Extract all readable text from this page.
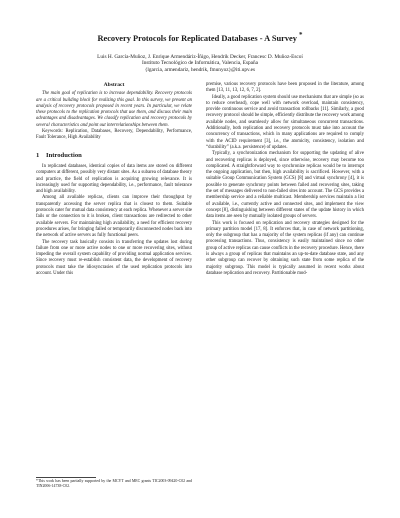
Recovery Protocols for Replicated Databases - A Survey *
Luis H. García-Muñoz, J. Enrique Armendáriz-Íñigo, Hendrik Decker, Francesc D. Muñoz-Escoí
Instituto Tecnológico de Informática, Valencia, España
{lgarcia, armendariz, hendrik, fmunyoz}@iti.upv.es
Abstract

The main goal of replication is to increase dependability. Recovery protocols are a critical building block for realizing this goal. In this survey, we present an analysis of recovery protocols proposed in recent years. In particular, we relate these protocols to the replication protocols that use them, and discuss their main advantages and disadvantages. We classify replication and recovery protocols by several characteristics and point out interrelationships between them.

Keywords: Replication, Databases, Recovery, Dependability, Performance, Fault Tolerance, High Availability

1 Introduction

In replicated databases, identical copies of data items are stored on different computers at different, possibly very distant sites. As a subarea of database theory and practice, the field of replication is acquiring growing relevance. It is increasingly used for supporting dependability, i.e., performance, fault tolerance and high availability.

Among all available replicas, clients can improve their throughput by transparently accessing the server replica that is closest to them. Suitable protocols cater for mutual data consistency at each replica. Whenever a server site fails or the connection to it is broken, client transactions are redirected to other available servers. For maintaining high availability, a need for efficient recovery procedures arises, for bringing failed or temporarily disconnected nodes back into the network of active servers as fully functional peers.

The recovery task basically consists in transferring the updates lost during failure from one or more active nodes to one or more recovering sites, without impeding the overall system capability of providing normal application services. Since recovery must re-establish consistent data, the development of recovery protocols must take the idiosyncrasies of the used replication protocols into account. Under this

*This work has been partially supported by the MCYT and MEC grants TIC2003-09420-C02 and TIN2006-14738-C02.

premise, various recovery protocols have been proposed in the literature, among them [13, 11, 13, 12, 6, 7, 2].

Ideally, a good replication system should use mechanisms that are simple (so as to reduce overhead), cope well with network overload, maintain consistency, provide continuous service and avoid transaction rollbacks [11]. Similarly, a good recovery protocol should be simple, efficiently distribute the recovery work among available nodes, and seamlessly allow for simultaneous concurrent transactions. Additionally, both replication and recovery protocols must take into account the concurrency of transactions, which in many applications are required to comply with the ACID requirement [3], i.e., the atomicity, consistency, isolation and “durability” (a.k.a. persistence) of updates.

Typically, a synchronization mechanism for supporting the updating of alive and recovering replicas is deployed, since otherwise, recovery may become too complicated. A straightforward way to synchronize replicas would be to interrupt the ongoing application, but then, high availability is sacrificed. However, with a suitable Group Communication System (GCS) [8] and virtual synchrony [4], it is possible to generate synchrony points between failed and recovering sites, taking the set of messages delivered to non-failed sites into account. The GCS provides a membership service and a reliable multicast. Membership services maintain a list of available, i.e., currently active and connected sites, and implement the view concept [8], distinguishing between different states of the update history in which data items are seen by mutually isolated groups of servers.

This work is focused on replication and recovery strategies designed for the primary partition model [17, 8]. It enforces that, in case of network partitioning, only the subgroup that has a majority of the system replicas (if any) can continue processing transactions. Thus, consistency is easily maintained since no other group of active replicas can cause conflicts in the recovery procedure. Hence, there is always a group of replicas that maintains an up-to-date database state, and any other subgroup can recover by obtaining such state from some replica of the majority subgroup. This model is typically assumed in recent works about database replication and recovery. Partitionable mod-
